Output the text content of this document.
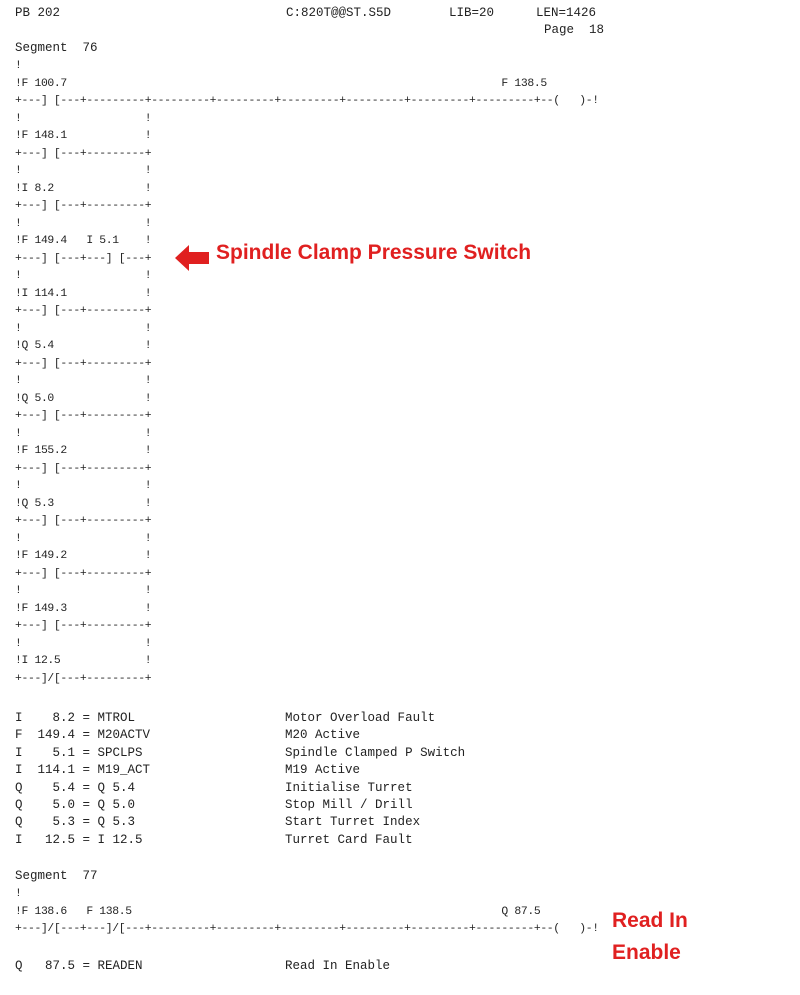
PB 202	C:820T@@ST.S5D	LIB=20	LEN=1426
Page  18
Segment  76
!
!F 100.7                                                                   F 138.5
+---] [---+---------+---------+---------+---------+---------+---------+---------+--(   )-!
!                   !
!F 148.1            !
+---] [---+---------+
!                   !
!I 8.2              !
+---] [---+---------+
!                   !
!F 149.4   I 5.1    !
+---] [---+---] [---+
!                   !
!I 114.1            !
+---] [---+---------+
!                   !
!Q 5.4              !
+---] [---+---------+
!                   !
!Q 5.0              !
+---] [---+---------+
!                   !
!F 155.2            !
+---] [---+---------+
!                   !
!Q 5.3              !
+---] [---+---------+
!                   !
!F 149.2            !
+---] [---+---------+
!                   !
!F 149.3            !
+---] [---+---------+
!                   !
!I 12.5             !
+---]/[---+---------+
I    8.2 = MTROL                    Motor Overload Fault
F  149.4 = M20ACTV                  M20 Active
I    5.1 = SPCLPS                   Spindle Clamped P Switch
I  114.1 = M19_ACT                  M19 Active
Q    5.4 = Q 5.4                    Initialise Turret
Q    5.0 = Q 5.0                    Stop Mill / Drill
Q    5.3 = Q 5.3                    Start Turret Index
I   12.5 = I 12.5                   Turret Card Fault
Segment  77
!
!F 138.6   F 138.5                                                         Q 87.5
+---]/[---+---]/[---+---------+---------+---------+---------+---------+---------+--(   )-!
Q   87.5 = READEN                   Read In Enable
Spindle Clamp Pressure Switch
Read In
Enable
